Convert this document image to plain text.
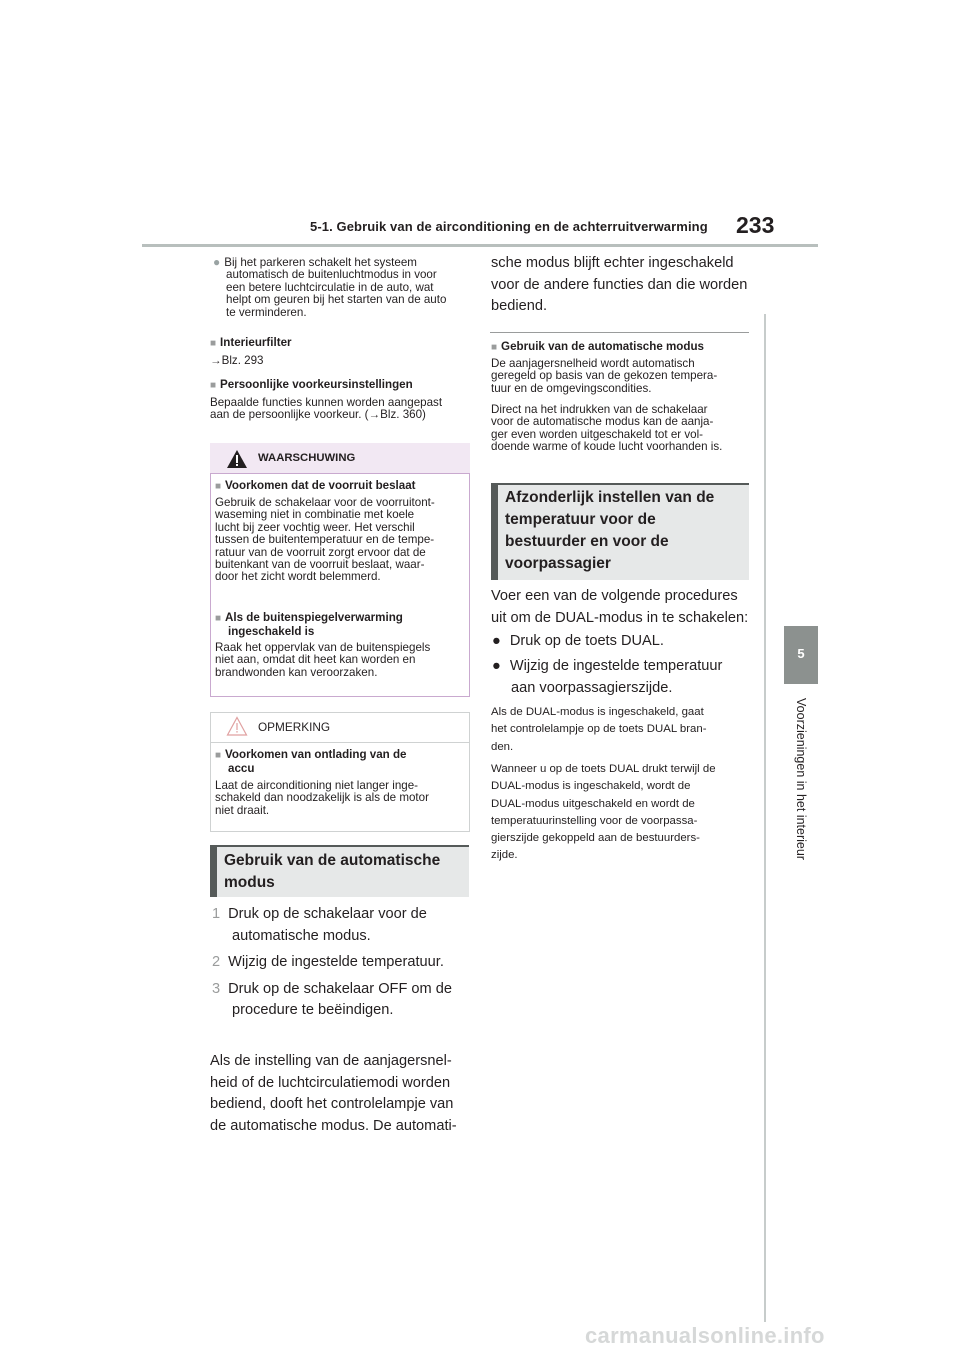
5-1. Gebruik van de airconditioning en de achterruitverwarming 233
5
Voorzieningen in het interieur
● Bij het parkeren schakelt het systeem
automatisch de buitenluchtmodus in voor
een betere luchtcirculatie in de auto, wat
helpt om geuren bij het starten van de auto
te verminderen.
■ Interieurfilter
→Blz. 293
■ Persoonlijke voorkeursinstellingen
Bepaalde functies kunnen worden aangepast
aan de persoonlijke voorkeur. (→Blz. 360)
WAARSCHUWING
■ Voorkomen dat de voorruit beslaat
Gebruik de schakelaar voor de voorruitont-
waseming niet in combinatie met koele
lucht bij zeer vochtig weer. Het verschil
tussen de buitentemperatuur en de tempe-
ratuur van de voorruit zorgt ervoor dat de
buitenkant van de voorruit beslaat, waar-
door het zicht wordt belemmerd.
■ Als de buitenspiegelverwarming
ingeschakeld is
Raak het oppervlak van de buitenspiegels
niet aan, omdat dit heet kan worden en
brandwonden kan veroorzaken.
OPMERKING
■ Voorkomen van ontlading van de
accu
Laat de airconditioning niet langer inge-
schakeld dan noodzakelijk is als de motor
niet draait.
Gebruik van de automatische
modus
1 Druk op de schakelaar voor de
automatische modus.
2 Wijzig de ingestelde temperatuur.
3 Druk op de schakelaar OFF om de
procedure te beëindigen.
Als de instelling van de aanjagersnel-
heid of de luchtcirculatiemodi worden
bediend, dooft het controlelampje van
de automatische modus. De automati-
sche modus blijft echter ingeschakeld
voor de andere functies dan die worden
bediend.
■ Gebruik van de automatische modus
De aanjagersnelheid wordt automatisch
geregeld op basis van de gekozen tempera-
tuur en de omgevingscondities.
Direct na het indrukken van de schakelaar
voor de automatische modus kan de aanja-
ger even worden uitgeschakeld tot er vol-
doende warme of koude lucht voorhanden is.
Afzonderlijk instellen van de
temperatuur voor de
bestuurder en voor de
voorpassagier
Voer een van de volgende procedures
uit om de DUAL-modus in te schakelen:
● Druk op de toets DUAL.
● Wijzig de ingestelde temperatuur
aan voorpassagierszijde.
Als de DUAL-modus is ingeschakeld, gaat
het controlelampje op de toets DUAL bran-
den.
Wanneer u op de toets DUAL drukt terwijl de
DUAL-modus is ingeschakeld, wordt de
DUAL-modus uitgeschakeld en wordt de
temperatuurinstelling voor de voorpassa-
gierszijde gekoppeld aan de bestuurders-
zijde.
carmanualsonline.info
